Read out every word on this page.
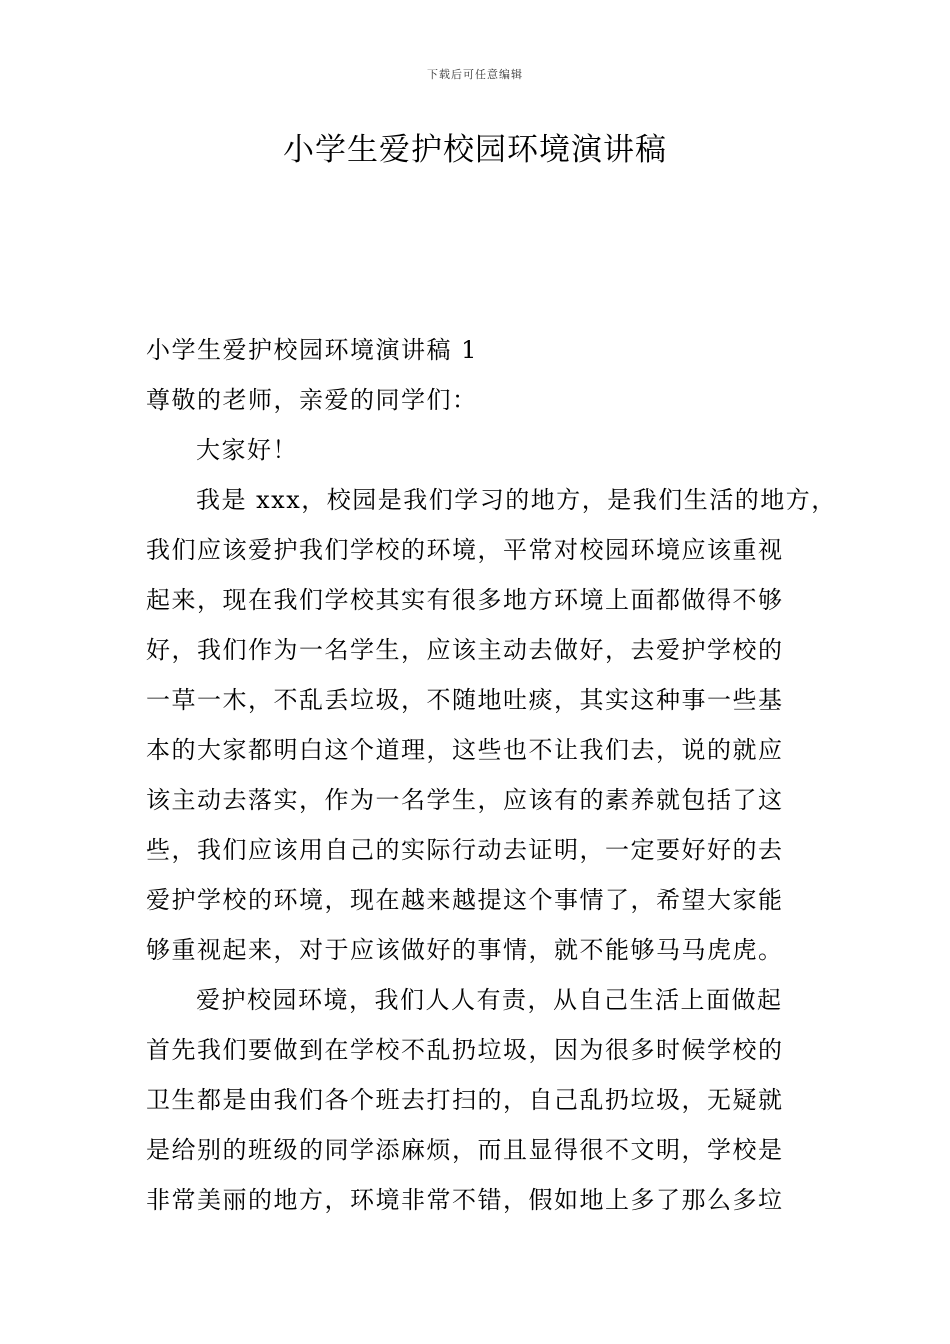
下载后可任意编辑
小学生爱护校园环境演讲稿
小学生爱护校园环境演讲稿 1
尊敬的老师，亲爱的同学们：
大家好！
我是 xxx，校园是我们学习的地方，是我们生活的地方，
我们应该爱护我们学校的环境，平常对校园环境应该重视
起来，现在我们学校其实有很多地方环境上面都做得不够
好，我们作为一名学生，应该主动去做好，去爱护学校的
一草一木，不乱丢垃圾，不随地吐痰，其实这种事一些基
本的大家都明白这个道理，这些也不让我们去，说的就应
该主动去落实，作为一名学生，应该有的素养就包括了这
些，我们应该用自己的实际行动去证明，一定要好好的去
爱护学校的环境，现在越来越提这个事情了，希望大家能
够重视起来，对于应该做好的事情，就不能够马马虎虎。
爱护校园环境，我们人人有责，从自己生活上面做起
首先我们要做到在学校不乱扔垃圾，因为很多时候学校的
卫生都是由我们各个班去打扫的，自己乱扔垃圾，无疑就
是给别的班级的同学添麻烦，而且显得很不文明，学校是
非常美丽的地方，环境非常不错，假如地上多了那么多垃
